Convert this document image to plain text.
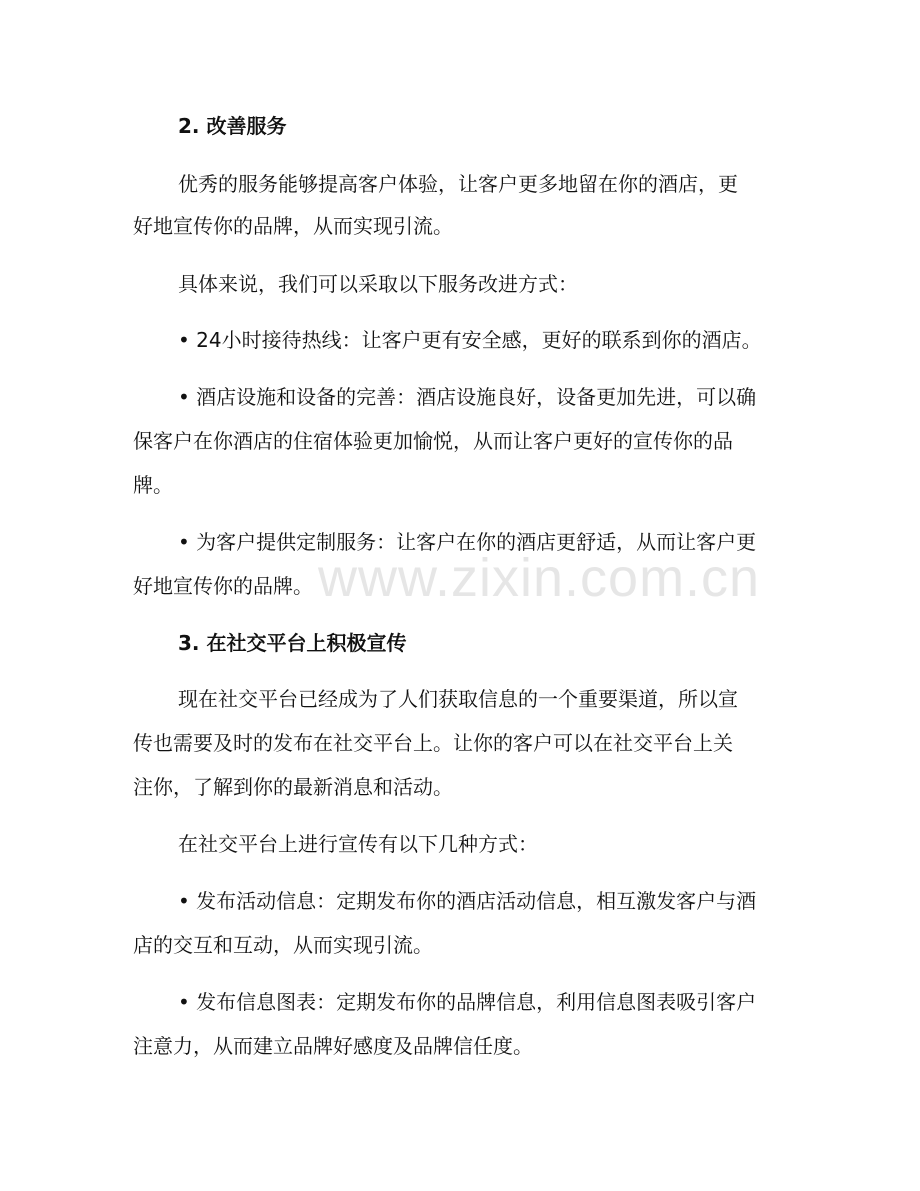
www.zixin.com.cn
2. 改善服务
优秀的服务能够提高客户体验，让客户更多地留在你的酒店，更
好地宣传你的品牌，从而实现引流。
具体来说，我们可以采取以下服务改进方式：
• 24小时接待热线：让客户更有安全感，更好的联系到你的酒店。
• 酒店设施和设备的完善：酒店设施良好，设备更加先进，可以确
保客户在你酒店的住宿体验更加愉悦，从而让客户更好的宣传你的品
牌。
• 为客户提供定制服务：让客户在你的酒店更舒适，从而让客户更
好地宣传你的品牌。
3. 在社交平台上积极宣传
现在社交平台已经成为了人们获取信息的一个重要渠道，所以宣
传也需要及时的发布在社交平台上。让你的客户可以在社交平台上关
注你，了解到你的最新消息和活动。
在社交平台上进行宣传有以下几种方式：
• 发布活动信息：定期发布你的酒店活动信息，相互激发客户与酒
店的交互和互动，从而实现引流。
• 发布信息图表：定期发布你的品牌信息，利用信息图表吸引客户
注意力，从而建立品牌好感度及品牌信任度。
